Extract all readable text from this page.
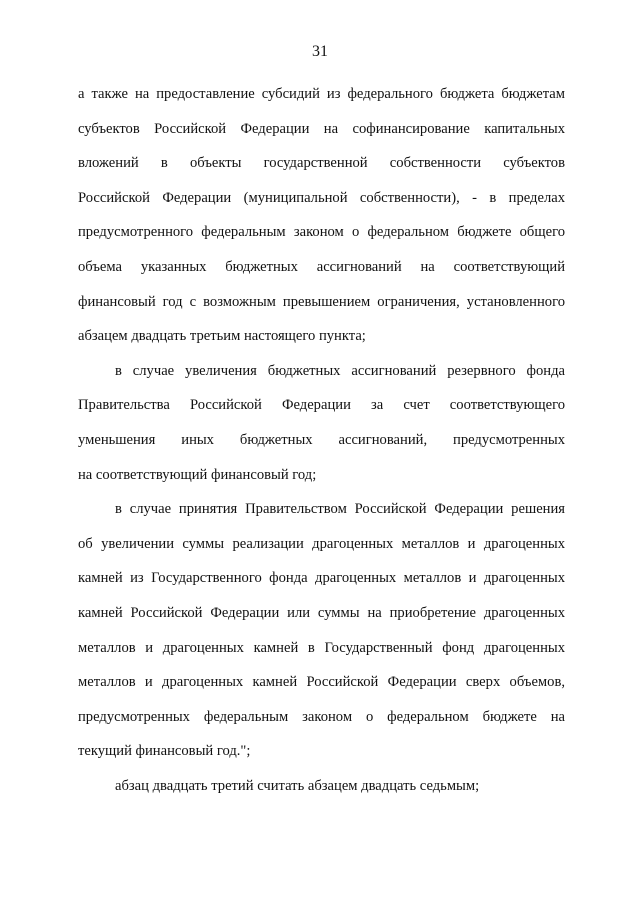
31
а также на предоставление субсидий из федерального бюджета бюджетам
субъектов Российской Федерации на софинансирование капитальных
вложений в объекты государственной собственности субъектов
Российской Федерации (муниципальной собственности), - в пределах
предусмотренного федеральным законом о федеральном бюджете общего
объема указанных бюджетных ассигнований на соответствующий
финансовый год с возможным превышением ограничения, установленного
абзацем двадцать третьим настоящего пункта;
в случае увеличения бюджетных ассигнований резервного фонда
Правительства Российской Федерации за счет соответствующего
уменьшения иных бюджетных ассигнований, предусмотренных
на соответствующий финансовый год;
в случае принятия Правительством Российской Федерации решения
об увеличении суммы реализации драгоценных металлов и драгоценных
камней из Государственного фонда драгоценных металлов и драгоценных
камней Российской Федерации или суммы на приобретение драгоценных
металлов и драгоценных камней в Государственный фонд драгоценных
металлов и драгоценных камней Российской Федерации сверх объемов,
предусмотренных федеральным законом о федеральном бюджете на
текущий финансовый год.";
абзац двадцать третий считать абзацем двадцать седьмым;
